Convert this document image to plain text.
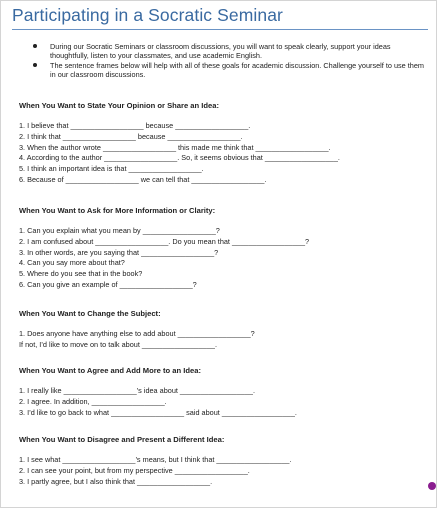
Participating in a Socratic Seminar
During our Socratic Seminars or classroom discussions, you will want to speak clearly, support your ideas thoughtfully, listen to your classmates, and use academic English.
The sentence frames below will help with all of these goals for academic discussion. Challenge yourself to use them in our classroom discussions.
When You Want to State Your Opinion or Share an Idea:
1. I believe that __________________ because __________________.
2. I think that __________________ because __________________.
3. When the author wrote __________________ this made me think that __________________.
4. According to the author __________________. So, it seems obvious that __________________.
5. I think an important idea is that __________________.
6. Because of __________________ we can tell that __________________.
When You Want to Ask for More Information or Clarity:
1. Can you explain what you mean by __________________?
2. I am confused about __________________. Do you mean that __________________?
3. In other words, are you saying that __________________?
4. Can you say more about that?
5. Where do you see that in the book?
6. Can you give an example of __________________?
When You Want to Change the Subject:
1. Does anyone have anything else to add about __________________?
If not, I’d like to move on to talk about __________________.
When You Want to Agree and Add More to an Idea:
1. I really like __________________’s idea about __________________.
2. I agree. In addition, __________________.
3. I’d like to go back to what __________________ said about __________________.
When You Want to Disagree and Present a Different Idea:
1. I see what __________________’s means, but I think that __________________.
2. I can see your point, but from my perspective __________________.
3. I partly agree, but I also think that __________________.
